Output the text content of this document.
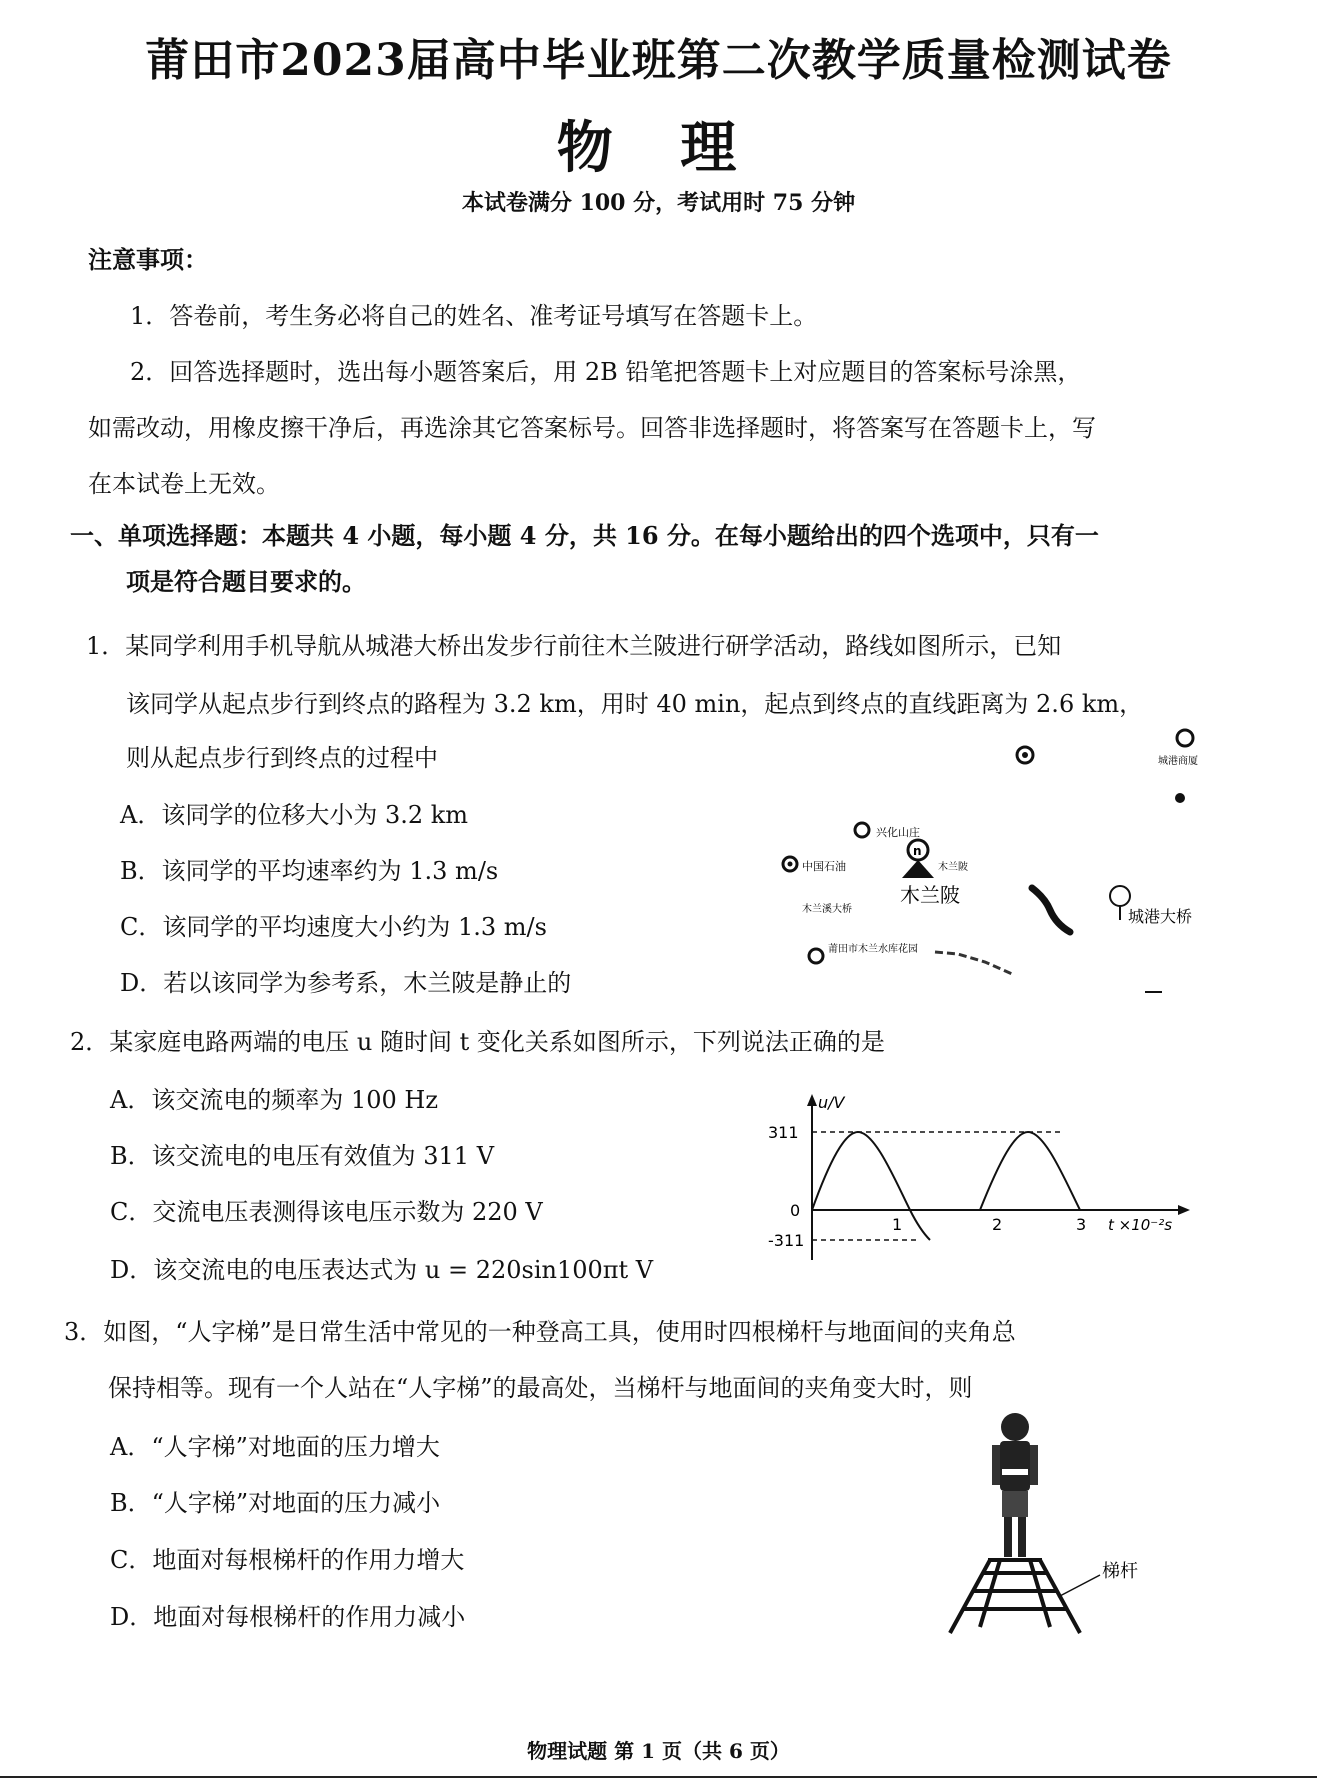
莆田市2023届高中毕业班第二次教学质量检测试卷
物 理
本试卷满分 100 分，考试用时 75 分钟
注意事项：
1．答卷前，考生务必将自己的姓名、准考证号填写在答题卡上。
2．回答选择题时，选出每小题答案后，用 2B 铅笔把答题卡上对应题目的答案标号涂黑，
如需改动，用橡皮擦干净后，再选涂其它答案标号。回答非选择题时，将答案写在答题卡上，写
在本试卷上无效。
一、单项选择题：本题共 4 小题，每小题 4 分，共 16 分。在每小题给出的四个选项中，只有一
项是符合题目要求的。
1．某同学利用手机导航从城港大桥出发步行前往木兰陂进行研学活动，路线如图所示，已知
该同学从起点步行到终点的路程为 3.2 km，用时 40 min，起点到终点的直线距离为 2.6 km，
则从起点步行到终点的过程中
A．该同学的位移大小为 3.2 km
B．该同学的平均速率约为 1.3 m/s
C．该同学的平均速度大小约为 1.3 m/s
D．若以该同学为参考系，木兰陂是静止的
兴化山庄
n
木兰陂
木兰陂
中国石油
木兰溪大桥
莆田市木兰水库花园
城港大桥
城港商厦
2．某家庭电路两端的电压 u 随时间 t 变化关系如图所示，下列说法正确的是
A．该交流电的频率为 100 Hz
B．该交流电的电压有效值为 311 V
C．交流电压表测得该电压示数为 220 V
D．该交流电的电压表达式为 u = 220sin100πt V
311
-311
0
u/V
1	2	3 t ×10⁻²s
3．如图，“人字梯”是日常生活中常见的一种登高工具，使用时四根梯杆与地面间的夹角总
保持相等。现有一个人站在“人字梯”的最高处，当梯杆与地面间的夹角变大时，则
A．“人字梯”对地面的压力增大
B．“人字梯”对地面的压力减小
C．地面对每根梯杆的作用力增大
D．地面对每根梯杆的作用力减小
梯杆
物理试题 第 1 页（共 6 页）
